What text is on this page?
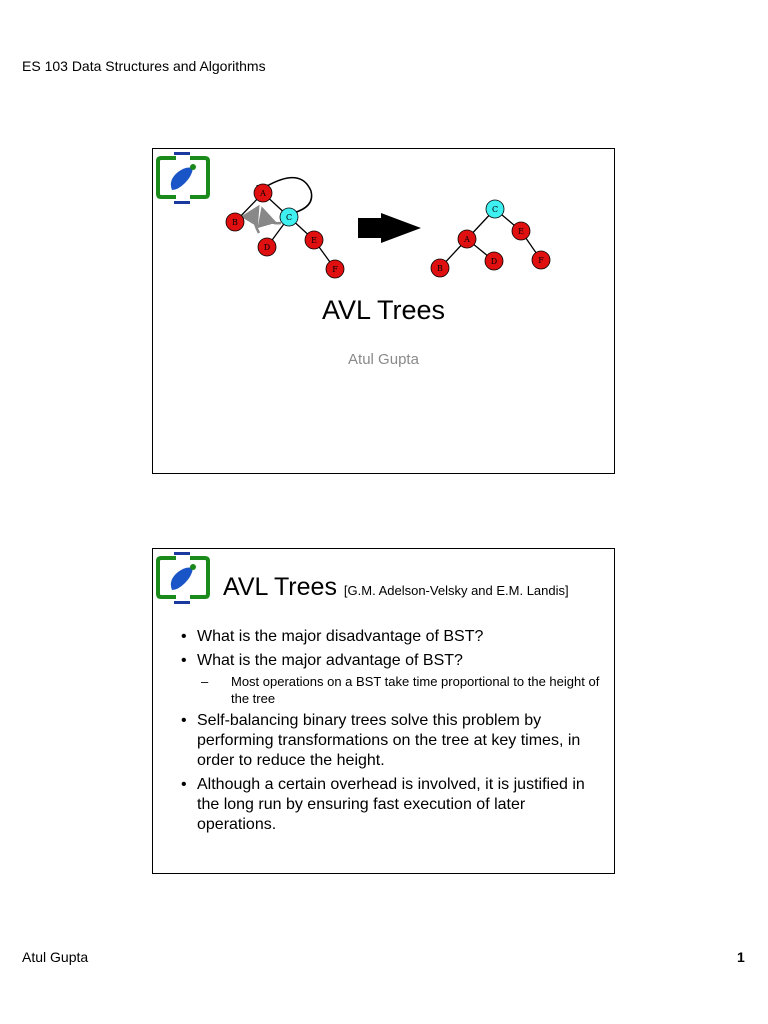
ES 103 Data Structures and Algorithms
A
B
C
D
E
F
C
A
E
B
D	F
AVL Trees
Atul Gupta
AVL Trees [G.M. Adelson-Velsky and E.M. Landis]
• What is the major disadvantage of BST?
• What is the major advantage of BST?
– Most operations on a BST take time proportional to the height of the tree
• Self-balancing binary trees solve this problem by performing transformations on the tree at key times, in order to reduce the height.
• Although a certain overhead is involved, it is justified in the long run by ensuring fast execution of later operations.
Atul Gupta	1
